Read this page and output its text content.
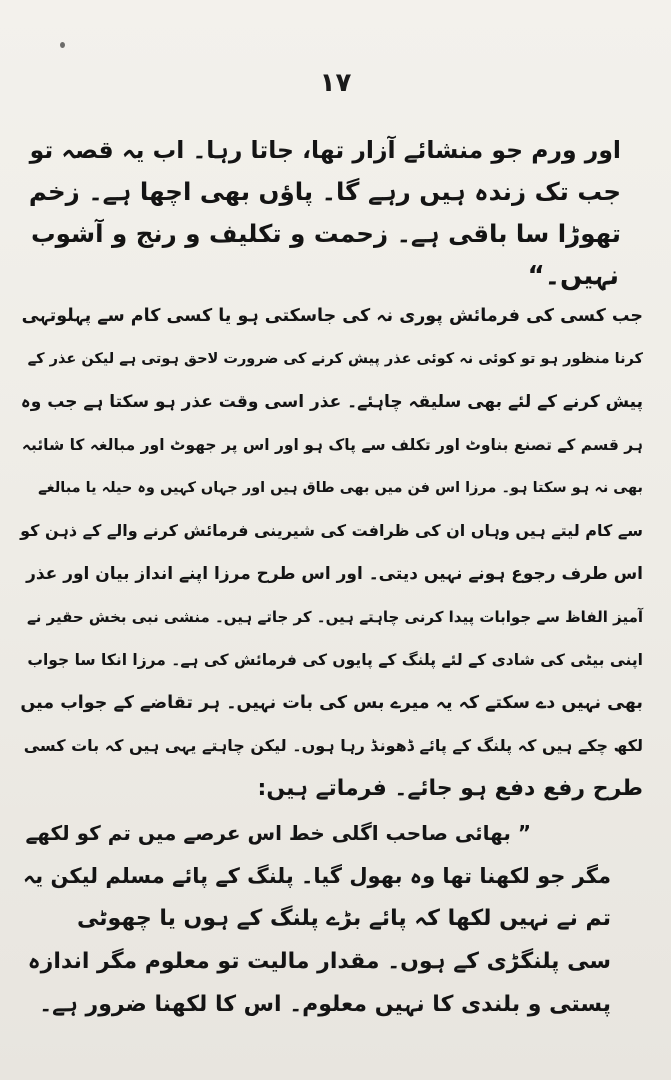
۱۷
اور ورم جو منشائے آزار تھا، جاتا رہا۔ اب یہ قصہ تو
جب تک زندہ ہیں رہے گا۔ پاؤں بھی اچھا ہے۔ زخم
تھوڑا سا باقی ہے۔ زحمت و تکلیف و رنج و آشوب
نہیں۔“
جب کسی کی فرمائش پوری نہ کی جاسکتی ہو یا کسی کام سے پہلوتہی
کرنا منظور ہو تو کوئی نہ کوئی عذر پیش کرنے کی ضرورت لاحق ہوتی ہے لیکن عذر کے
پیش کرنے کے لئے بھی سلیقہ چاہئے۔ عذر اسی وقت عذر ہو سکتا ہے جب وہ
ہر قسم کے تصنع بناوٹ اور تکلف سے پاک ہو اور اس پر جھوٹ اور مبالغہ کا شائبہ
بھی نہ ہو سکتا ہو۔ مرزا اس فن میں بھی طاق ہیں اور جہاں کہیں وہ حیلہ یا مبالغے
سے کام لیتے ہیں وہاں ان کی ظرافت کی شیرینی فرمائش کرنے والے کے ذہن کو
اس طرف رجوع ہونے نہیں دیتی۔ اور اس طرح مرزا اپنے انداز بیان اور عذر
آمیز الفاظ سے جوابات پیدا کرنی چاہتے ہیں۔ کر جاتے ہیں۔ منشی نبی بخش حقیر نے
اپنی بیٹی کی شادی کے لئے پلنگ کے پایوں کی فرمائش کی ہے۔ مرزا انکا سا جواب
بھی نہیں دے سکتے کہ یہ میرے بس کی بات نہیں۔ ہر تقاضے کے جواب میں
لکھ چکے ہیں کہ پلنگ کے پائے ڈھونڈ رہا ہوں۔ لیکن چاہتے یہی ہیں کہ بات کسی
طرح رفع دفع ہو جائے۔ فرماتے ہیں:
” بھائی صاحب اگلی خط اس عرصے میں تم کو لکھے
مگر جو لکھنا تھا وہ بھول گیا۔ پلنگ کے پائے مسلم لیکن یہ
تم نے نہیں لکھا کہ پائے بڑے پلنگ کے ہوں یا چھوٹی
سی پلنگڑی کے ہوں۔ مقدار مالیت تو معلوم مگر اندازہ
پستی و بلندی کا نہیں معلوم۔ اس کا لکھنا ضرور ہے۔
